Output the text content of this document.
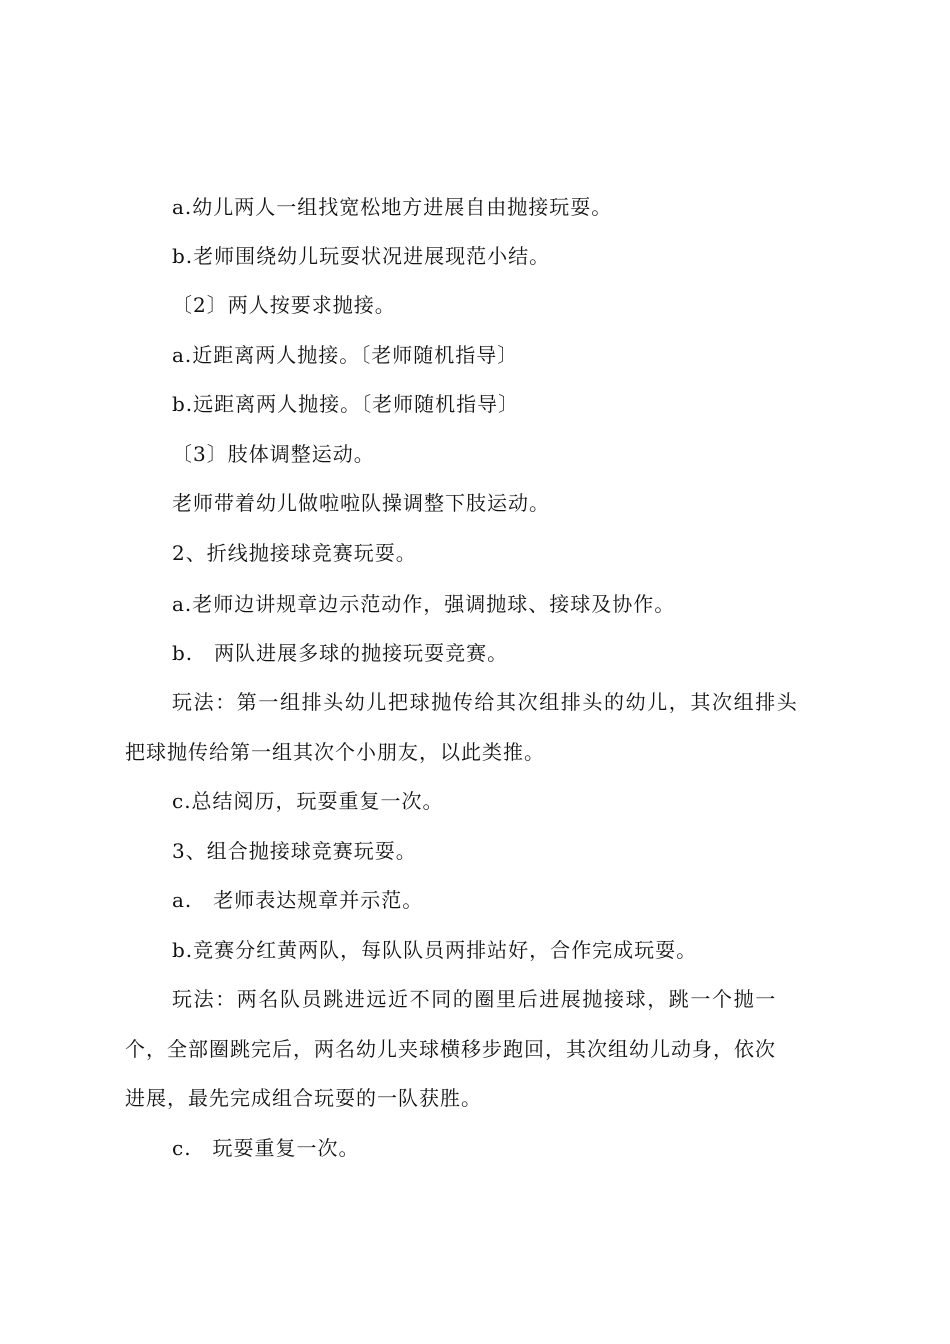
a.幼儿两人一组找宽松地方进展自由抛接玩耍。
b.老师围绕幼儿玩耍状况进展现范小结。
〔2〕两人按要求抛接。
a.近距离两人抛接。〔老师随机指导〕
b.远距离两人抛接。〔老师随机指导〕
〔3〕肢体调整运动。
老师带着幼儿做啦啦队操调整下肢运动。
2、折线抛接球竞赛玩耍。
a.老师边讲规章边示范动作，强调抛球、接球及协作。
b.　两队进展多球的抛接玩耍竞赛。
玩法：第一组排头幼儿把球抛传给其次组排头的幼儿，其次组排头
把球抛传给第一组其次个小朋友，以此类推。
c.总结阅历，玩耍重复一次。
3、组合抛接球竞赛玩耍。
a.　老师表达规章并示范。
b.竞赛分红黄两队，每队队员两排站好，合作完成玩耍。
玩法：两名队员跳进远近不同的圈里后进展抛接球，跳一个抛一
个，全部圈跳完后，两名幼儿夹球横移步跑回，其次组幼儿动身，依次
进展，最先完成组合玩耍的一队获胜。
c.　玩耍重复一次。
